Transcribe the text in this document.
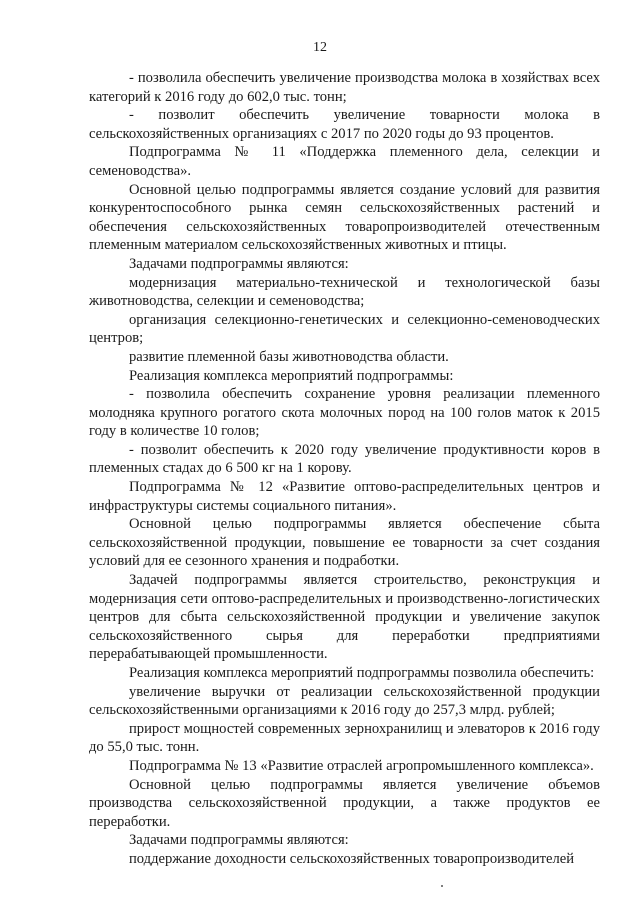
12

- позволила обеспечить увеличение производства молока в хозяйствах всех категорий к 2016 году до 602,0 тыс. тонн;

- позволит обеспечить увеличение товарности молока в сельскохозяйственных организациях с 2017 по 2020 годы до 93 процентов.

Подпрограмма № 11 «Поддержка племенного дела, селекции и семеноводства».

Основной целью подпрограммы является создание условий для развития конкурентоспособного рынка семян сельскохозяйственных растений и обеспечения сельскохозяйственных товаропроизводителей отечественным племенным материалом сельскохозяйственных животных и птицы.

Задачами подпрограммы являются:

модернизация материально-технической и технологической базы животноводства, селекции и семеноводства;

организация селекционно-генетических и селекционно-семеноводческих центров;

развитие племенной базы животноводства области.

Реализация комплекса мероприятий подпрограммы:

- позволила обеспечить сохранение уровня реализации племенного молодняка крупного рогатого скота молочных пород на 100 голов маток к 2015 году в количестве 10 голов;

- позволит обеспечить к 2020 году увеличение продуктивности коров в племенных стадах до 6 500 кг на 1 корову.

Подпрограмма № 12 «Развитие оптово-распределительных центров и инфраструктуры системы социального питания».

Основной целью подпрограммы является обеспечение сбыта сельскохозяйственной продукции, повышение ее товарности за счет создания условий для ее сезонного хранения и подработки.

Задачей подпрограммы является строительство, реконструкция и модернизация сети оптово-распределительных и производственно-логистических центров для сбыта сельскохозяйственной продукции и увеличение закупок сельскохозяйственного сырья для переработки предприятиями перерабатывающей промышленности.

Реализация комплекса мероприятий подпрограммы позволила обеспечить:

увеличение выручки от реализации сельскохозяйственной продукции сельскохозяйственными организациями к 2016 году до 257,3 млрд. рублей;

прирост мощностей современных зернохранилищ и элеваторов к 2016 году до 55,0 тыс. тонн.

Подпрограмма № 13 «Развитие отраслей агропромышленного комплекса».

Основной целью подпрограммы является увеличение объемов производства сельскохозяйственной продукции, а также продуктов ее переработки.

Задачами подпрограммы являются:

поддержание доходности сельскохозяйственных товаропроизводителей
